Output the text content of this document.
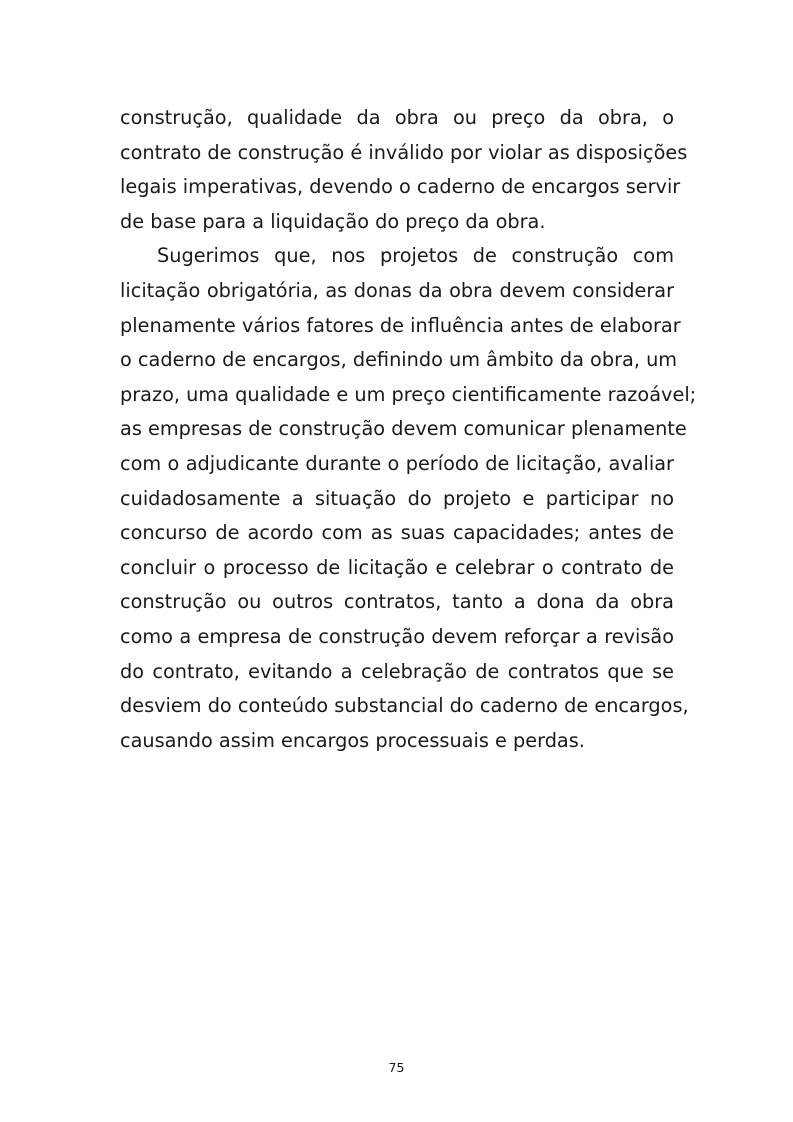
construção, qualidade da obra ou preço da obra, o
contrato de construção é inválido por violar as disposições
legais imperativas, devendo o caderno de encargos servir
de base para a liquidação do preço da obra.

Sugerimos que, nos projetos de construção com
licitação obrigatória, as donas da obra devem considerar
plenamente vários fatores de influência antes de elaborar
o caderno de encargos, definindo um âmbito da obra, um
prazo, uma qualidade e um preço cientificamente razoável;
as empresas de construção devem comunicar plenamente
com o adjudicante durante o período de licitação, avaliar
cuidadosamente a situação do projeto e participar no
concurso de acordo com as suas capacidades; antes de
concluir o processo de licitação e celebrar o contrato de
construção ou outros contratos, tanto a dona da obra
como a empresa de construção devem reforçar a revisão
do contrato, evitando a celebração de contratos que se
desviem do conteúdo substancial do caderno de encargos,
causando assim encargos processuais e perdas.

75
